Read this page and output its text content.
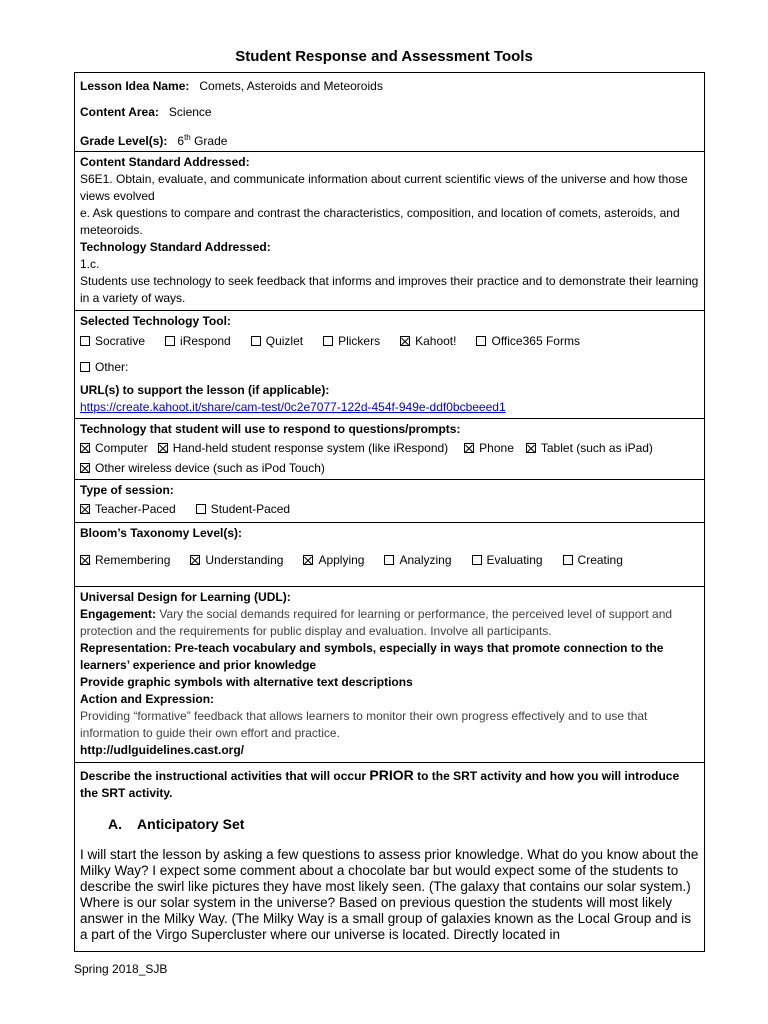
Student Response and Assessment Tools
Lesson Idea Name: Comets, Asteroids and Meteoroids
Content Area: Science
Grade Level(s): 6th Grade
Content Standard Addressed:
S6E1. Obtain, evaluate, and communicate information about current scientific views of the universe and how those views evolved
e. Ask questions to compare and contrast the characteristics, composition, and location of comets, asteroids, and meteoroids.
Technology Standard Addressed:
1.c.
Students use technology to seek feedback that informs and improves their practice and to demonstrate their learning in a variety of ways.
Selected Technology Tool:
Socrative	iRespond	Quizlet	Plickers	Kahoot!	Office365 Forms
Other:
URL(s) to support the lesson (if applicable):
https://create.kahoot.it/share/cam-test/0c2e7077-122d-454f-949e-ddf0bcbeeed1
Technology that student will use to respond to questions/prompts:
Computer Hand-held student response system (like iRespond)	Phone Tablet (such as iPad)
Other wireless device (such as iPod Touch)
Type of session:
Teacher-Paced	Student-Paced
Bloom’s Taxonomy Level(s):
Remembering	Understanding	Applying	Analyzing	Evaluating	Creating
Universal Design for Learning (UDL):
Engagement: Vary the social demands required for learning or performance, the perceived level of support and protection and the requirements for public display and evaluation. Involve all participants.
Representation: Pre-teach vocabulary and symbols, especially in ways that promote connection to the learners’ experience and prior knowledge
Provide graphic symbols with alternative text descriptions
Action and Expression:
Providing “formative” feedback that allows learners to monitor their own progress effectively and to use that information to guide their own effort and practice.
http://udlguidelines.cast.org/
Describe the instructional activities that will occur PRIOR to the SRT activity and how you will introduce the SRT activity.
A.    Anticipatory Set
I will start the lesson by asking a few questions to assess prior knowledge. What do you know about the Milky Way? I expect some comment about a chocolate bar but would expect some of the students to describe the swirl like pictures they have most likely seen. (The galaxy that contains our solar system.) Where is our solar system in the universe? Based on previous question the students will most likely answer in the Milky Way. (The Milky Way is a small group of galaxies known as the Local Group and is a part of the Virgo Supercluster where our universe is located. Directly located in
Spring 2018_SJB
